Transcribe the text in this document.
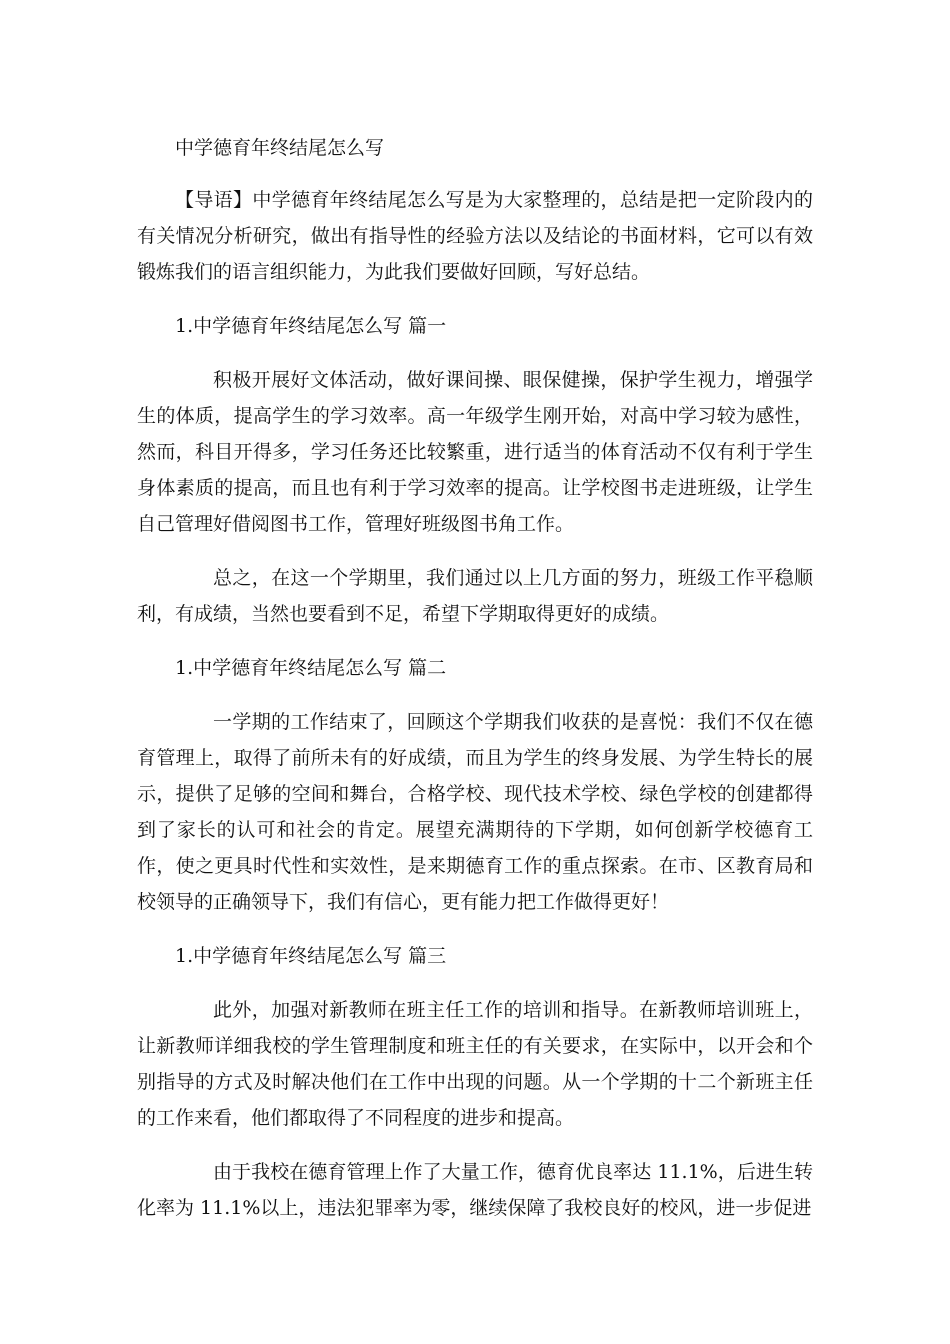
中学德育年终结尾怎么写

【导语】中学德育年终结尾怎么写是为大家整理的，总结是把一定阶段内的有关情况分析研究，做出有指导性的经验方法以及结论的书面材料，它可以有效锻炼我们的语言组织能力，为此我们要做好回顾，写好总结。

1.中学德育年终结尾怎么写 篇一

积极开展好文体活动，做好课间操、眼保健操，保护学生视力，增强学生的体质，提高学生的学习效率。高一年级学生刚开始，对高中学习较为感性，然而，科目开得多，学习任务还比较繁重，进行适当的体育活动不仅有利于学生身体素质的提高，而且也有利于学习效率的提高。让学校图书走进班级，让学生自己管理好借阅图书工作，管理好班级图书角工作。

总之，在这一个学期里，我们通过以上几方面的努力，班级工作平稳顺利，有成绩，当然也要看到不足，希望下学期取得更好的成绩。

1.中学德育年终结尾怎么写 篇二

一学期的工作结束了，回顾这个学期我们收获的是喜悦：我们不仅在德育管理上，取得了前所未有的好成绩，而且为学生的终身发展、为学生特长的展示，提供了足够的空间和舞台，合格学校、现代技术学校、绿色学校的创建都得到了家长的认可和社会的肯定。展望充满期待的下学期，如何创新学校德育工作，使之更具时代性和实效性，是来期德育工作的重点探索。在市、区教育局和校领导的正确领导下，我们有信心，更有能力把工作做得更好！

1.中学德育年终结尾怎么写 篇三

此外，加强对新教师在班主任工作的培训和指导。在新教师培训班上，让新教师详细我校的学生管理制度和班主任的有关要求，在实际中，以开会和个别指导的方式及时解决他们在工作中出现的问题。从一个学期的十二个新班主任的工作来看，他们都取得了不同程度的进步和提高。

由于我校在德育管理上作了大量工作，德育优良率达 11.1%，后进生转化率为 11.1%以上，违法犯罪率为零，继续保障了我校良好的校风，进一步促进
